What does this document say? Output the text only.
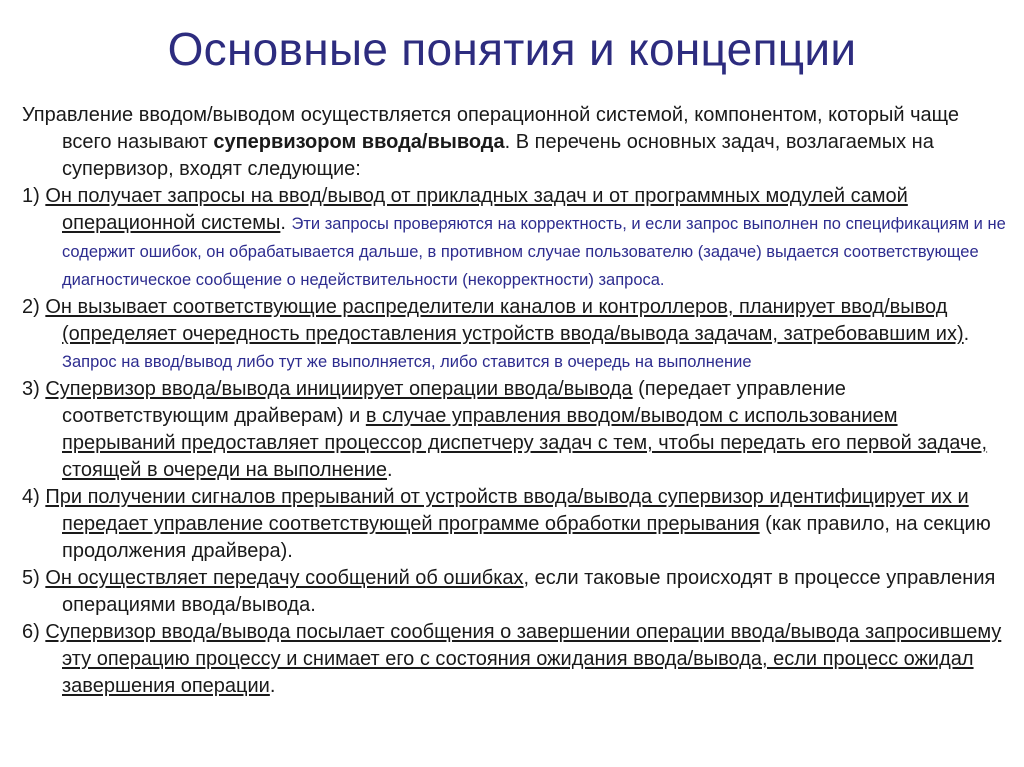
Основные понятия и концепции

Управление вводом/выводом осуществляется операционной системой, компонентом, который чаще всего называют супервизором ввода/вывода. В перечень основных задач, возлагаемых на супервизор, входят следующие:

1) Он получает запросы на ввод/вывод от прикладных задач и от программных модулей самой операционной системы. Эти запросы проверяются на корректность, и если запрос выполнен по спецификациям и не содержит ошибок, он обрабатывается дальше, в противном случае пользователю (задаче) выдается соответствующее диагностическое сообщение о недействительности (некорректности) запроса.

2) Он вызывает соответствующие распределители каналов и контроллеров, планирует ввод/вывод (определяет очередность предоставления устройств ввода/вывода задачам, затребовавшим их). Запрос на ввод/вывод либо тут же выполняется, либо ставится в очередь на выполнение

3) Супервизор ввода/вывода инициирует операции ввода/вывода (передает управление соответствующим драйверам) и в случае управления вводом/выводом с использованием прерываний предоставляет процессор диспетчеру задач с тем, чтобы передать его первой задаче, стоящей в очереди на выполнение.

4) При получении сигналов прерываний от устройств ввода/вывода супервизор идентифицирует их и передает управление соответствующей программе обработки прерывания (как правило, на секцию продолжения драйвера).

5) Он осуществляет передачу сообщений об ошибках, если таковые происходят в процессе управления операциями ввода/вывода.

6) Супервизор ввода/вывода посылает сообщения о завершении операции ввода/вывода запросившему эту операцию процессу и снимает его с состояния ожидания ввода/вывода, если процесс ожидал завершения операции.
